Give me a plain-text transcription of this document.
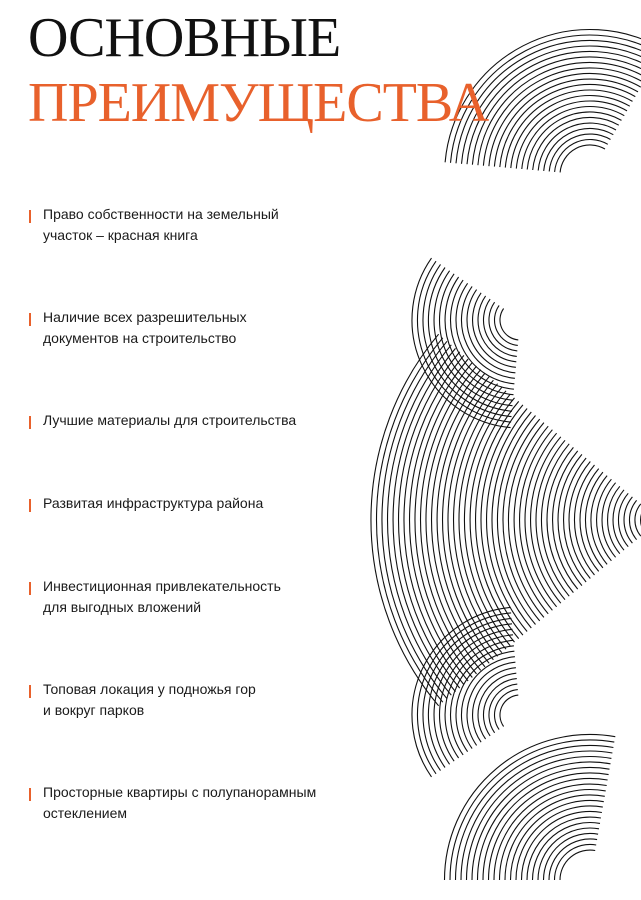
ОСНОВНЫЕ
ПРЕИМУЩЕСТВА

Право собственности на земельный
участок – красная книга

Наличие всех разрешительных
документов на строительство

Лучшие материалы для строительства

Развитая инфраструктура района

Инвестиционная привлекательность
для выгодных вложений

Топовая локация у подножья гор
и вокруг парков

Просторные квартиры с полупанорамным
остеклением
